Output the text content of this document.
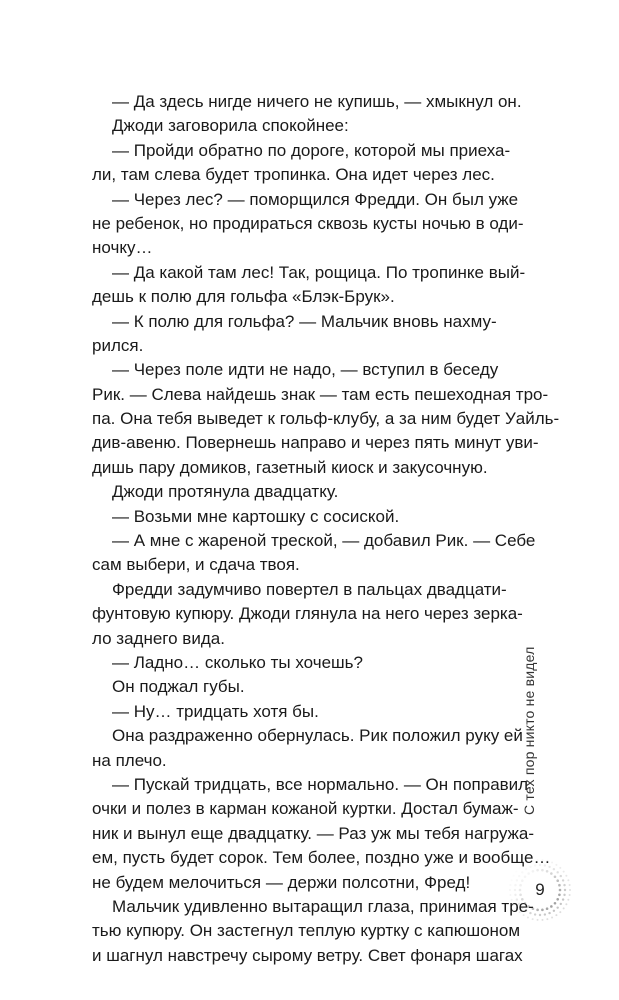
— Да здесь нигде ничего не купишь, — хмыкнул он.
Джоди заговорила спокойнее:
— Пройди обратно по дороге, которой мы приеха-
ли, там слева будет тропинка. Она идет через лес.
— Через лес? — поморщился Фредди. Он был уже
не ребенок, но продираться сквозь кусты ночью в оди-
ночку…
— Да какой там лес! Так, рощица. По тропинке вый-
дешь к полю для гольфа «Блэк-Брук».
— К полю для гольфа? — Мальчик вновь нахму-
рился.
— Через поле идти не надо, — вступил в беседу
Рик. — Слева найдешь знак — там есть пешеходная тро-
па. Она тебя выведет к гольф-клубу, а за ним будет Уайль-
див-авеню. Повернешь направо и через пять минут уви-
дишь пару домиков, газетный киоск и закусочную.
Джоди протянула двадцатку.
— Возьми мне картошку с сосиской.
— А мне с жареной треской, — добавил Рик. — Себе
сам выбери, и сдача твоя.
Фредди задумчиво повертел в пальцах двадцати-
фунтовую купюру. Джоди глянула на него через зерка-
ло заднего вида.
— Ладно… сколько ты хочешь?
Он поджал губы.
— Ну… тридцать хотя бы.
Она раздраженно обернулась. Рик положил руку ей
на плечо.
— Пускай тридцать, все нормально. — Он поправил
очки и полез в карман кожаной куртки. Достал бумаж-
ник и вынул еще двадцатку. — Раз уж мы тебя нагружа-
ем, пусть будет сорок. Тем более, поздно уже и вообще…
не будем мелочиться — держи полсотни, Фред!
Мальчик удивленно вытаращил глаза, принимая тре-
тью купюру. Он застегнул теплую куртку с капюшоном
и шагнул навстречу сырому ветру. Свет фонаря шагах
С тех пор никто не видел
9
